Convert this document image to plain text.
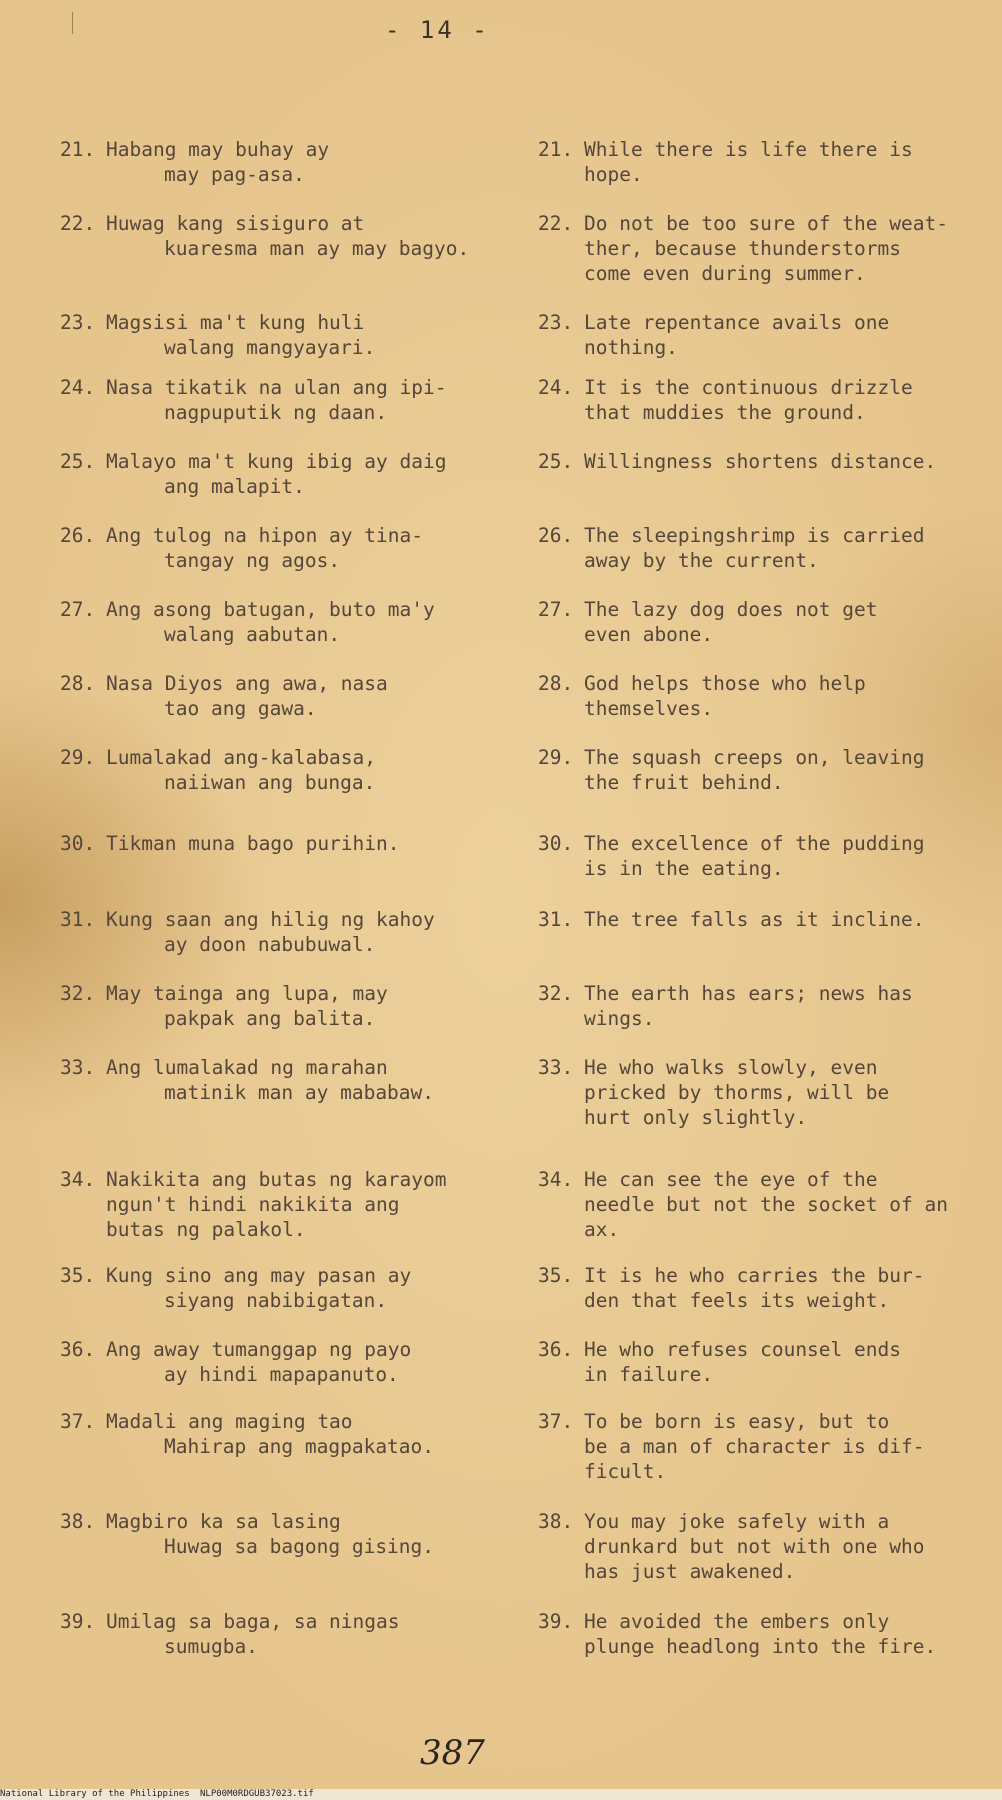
- 14 -
21. Habang may buhay ay
may pag-asa.
22. Huwag kang sisiguro at
kuaresma man ay may bagyo.
23. Magsisi ma't kung huli
walang mangyayari.
24. Nasa tikatik na ulan ang ipi-
nagpuputik ng daan.
25. Malayo ma't kung ibig ay daig
ang malapit.
26. Ang tulog na hipon ay tina-
tangay ng agos.
27. Ang asong batugan, buto ma'y
walang aabutan.
28. Nasa Diyos ang awa, nasa
tao ang gawa.
29. Lumalakad ang-kalabasa,
naiiwan ang bunga.
30. Tikman muna bago purihin.
31. Kung saan ang hilig ng kahoy
ay doon nabubuwal.
32. May tainga ang lupa, may
pakpak ang balita.
33. Ang lumalakad ng marahan
matinik man ay mababaw.
34. Nakikita ang butas ng karayom
ngun't hindi nakikita ang
butas ng palakol.
35. Kung sino ang may pasan ay
siyang nabibigatan.
36. Ang away tumanggap ng payo
ay hindi mapapanuto.
37. Madali ang maging tao
Mahirap ang magpakatao.
38. Magbiro ka sa lasing
Huwag sa bagong gising.
39. Umilag sa baga, sa ningas
sumugba.
21. While there is life there is
hope.
22. Do not be too sure of the weat-
ther, because thunderstorms
come even during summer.
23. Late repentance avails one
nothing.
24. It is the continuous drizzle
that muddies the ground.
25. Willingness shortens distance.
26. The sleepingshrimp is carried
away by the current.
27. The lazy dog does not get
even abone.
28. God helps those who help
themselves.
29. The squash creeps on, leaving
the fruit behind.
30. The excellence of the pudding
is in the eating.
31. The tree falls as it incline.
32. The earth has ears; news has
wings.
33. He who walks slowly, even
pricked by thorms, will be
hurt only slightly.
34. He can see the eye of the
needle but not the socket of an
ax.
35. It is he who carries the bur-
den that feels its weight.
36. He who refuses counsel ends
in failure.
37. To be born is easy, but to
be a man of character is dif-
ficult.
38. You may joke safely with a
drunkard but not with one who
has just awakened.
39. He avoided the embers only
plunge headlong into the fire.
387
National Library of the Philippines NLP00M0RDGUB37023.tif
